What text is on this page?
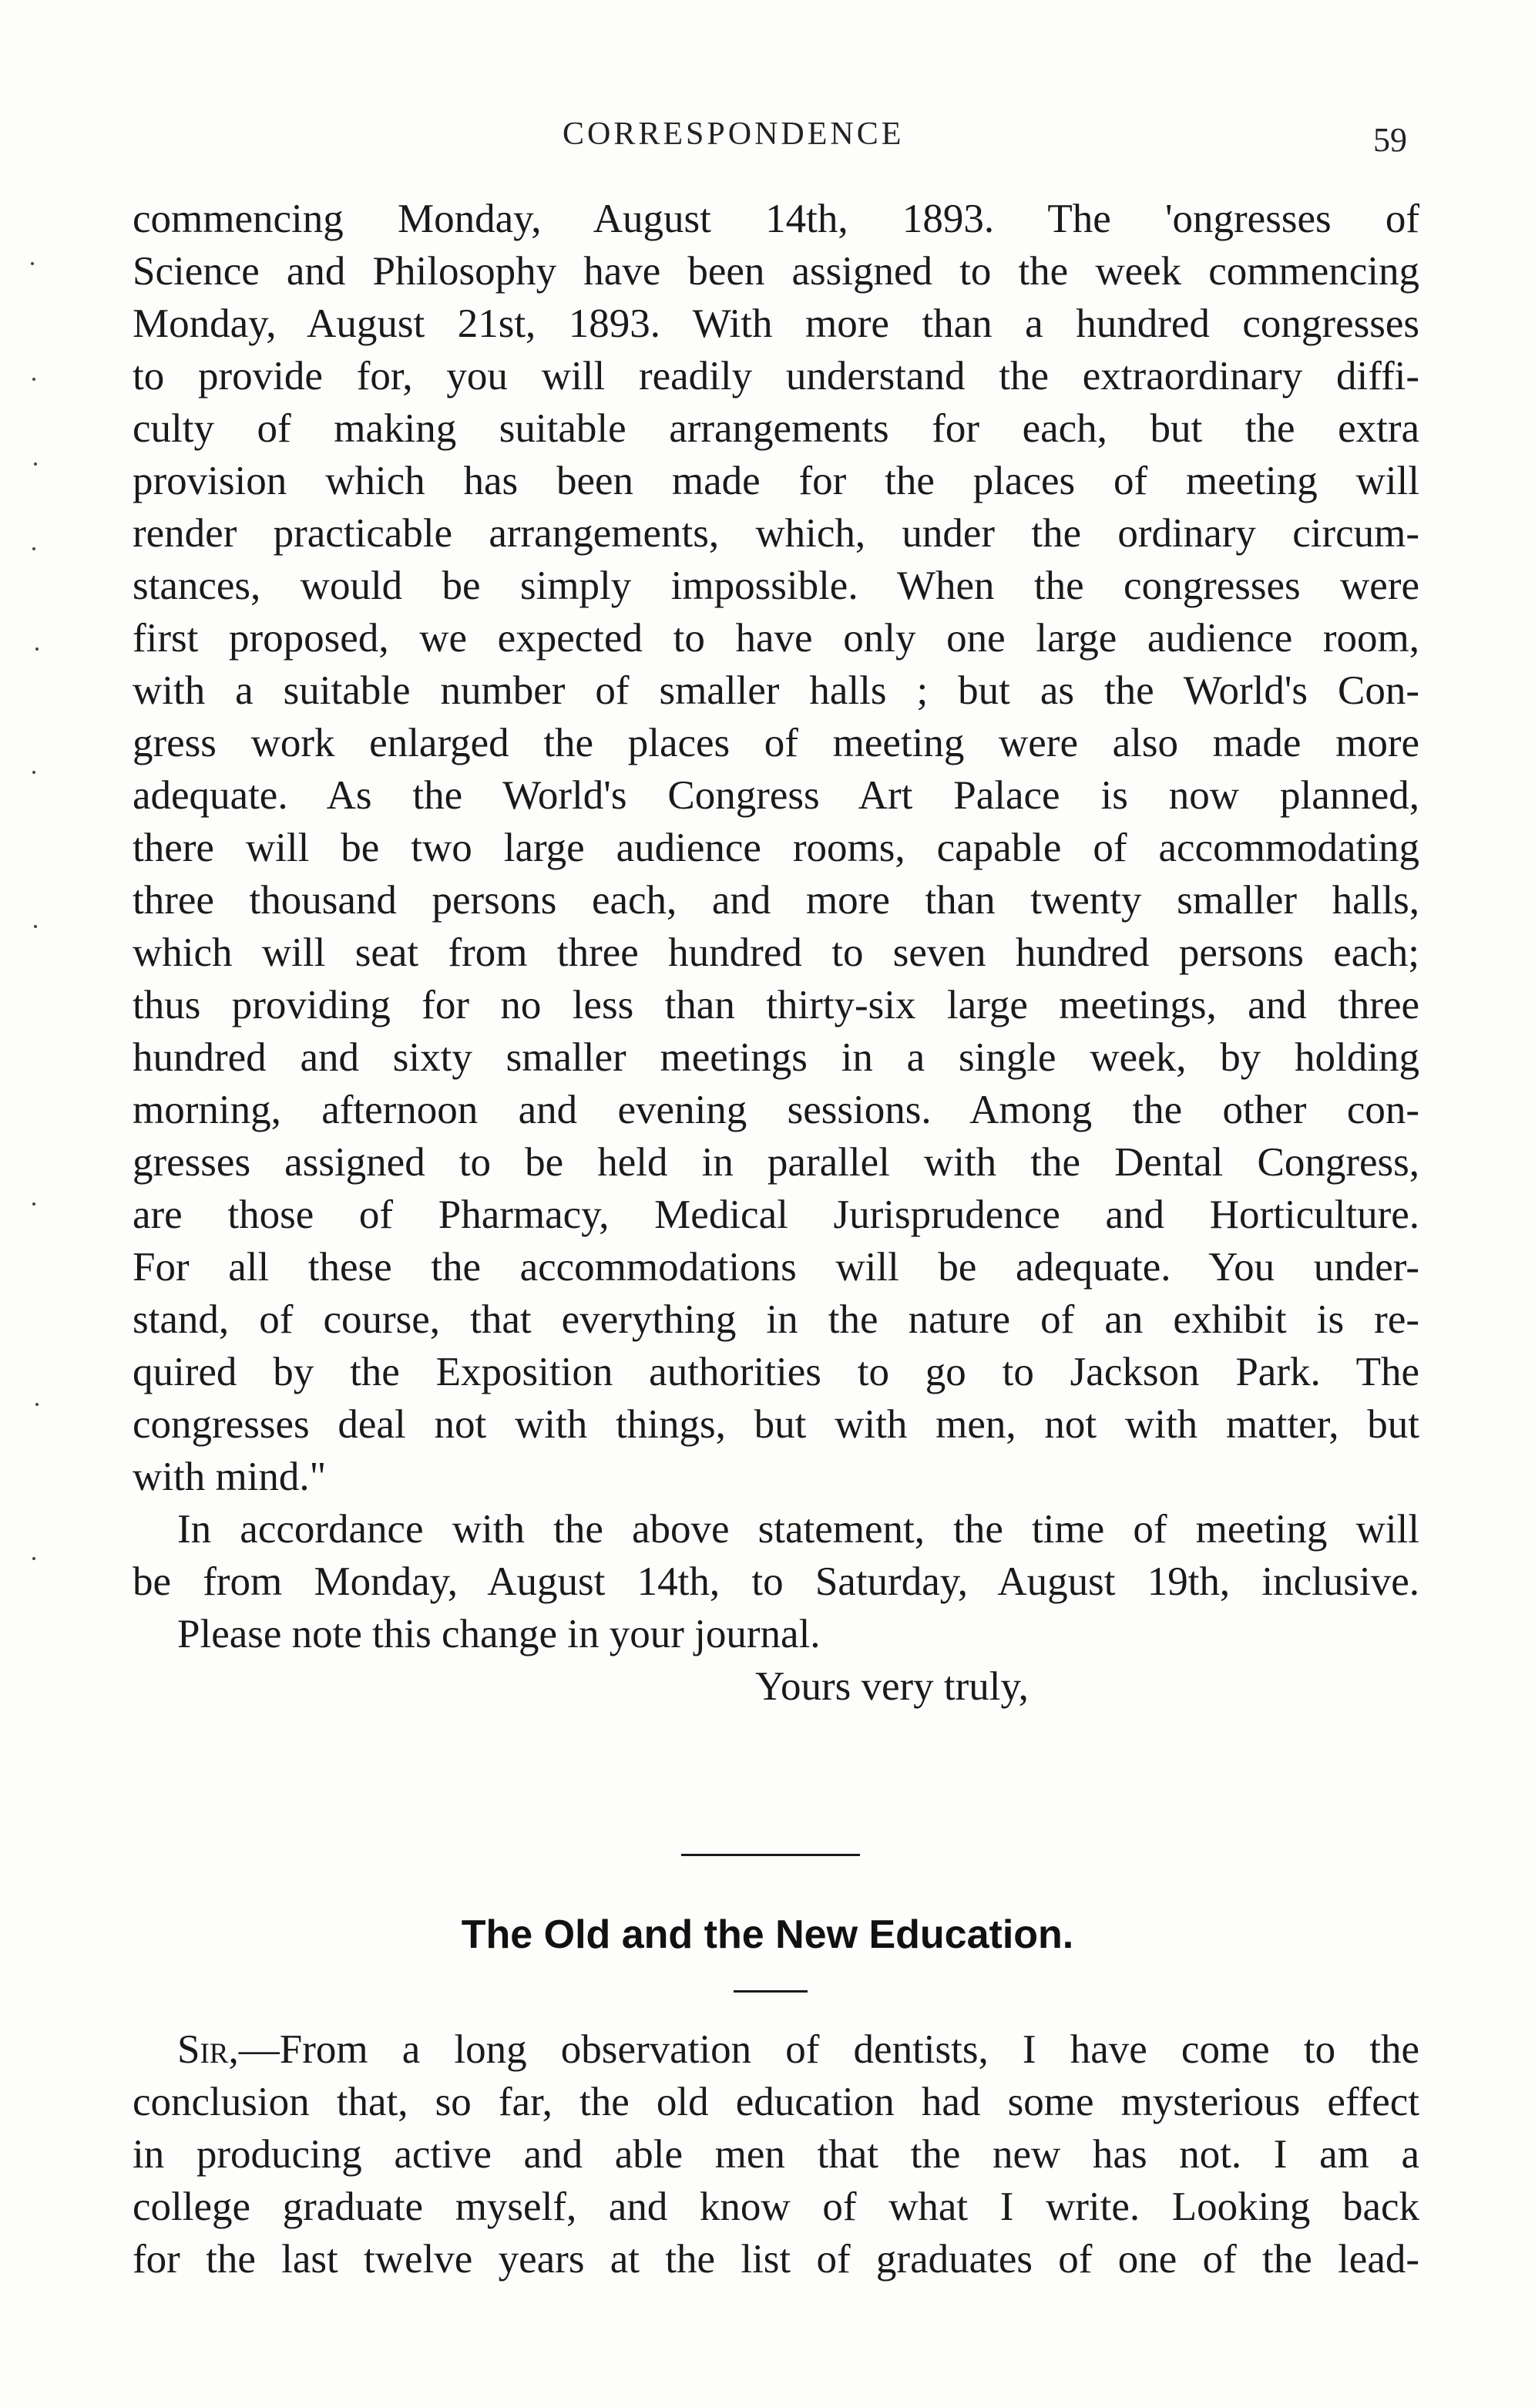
CORRESPONDENCE	59
commencing Monday, August 14th, 1893. The 'ongresses of
Science and Philosophy have been assigned to the week commencing
Monday, August 21st, 1893. With more than a hundred congresses
to provide for, you will readily understand the extraordinary diffi-
culty of making suitable arrangements for each, but the extra
provision which has been made for the places of meeting will
render practicable arrangements, which, under the ordinary circum-
stances, would be simply impossible. When the congresses were
first proposed, we expected to have only one large audience room,
with a suitable number of smaller halls ; but as the World's Con-
gress work enlarged the places of meeting were also made more
adequate. As the World's Congress Art Palace is now planned,
there will be two large audience rooms, capable of accommodating
three thousand persons each, and more than twenty smaller halls,
which will seat from three hundred to seven hundred persons each;
thus providing for no less than thirty-six large meetings, and three
hundred and sixty smaller meetings in a single week, by holding
morning, afternoon and evening sessions. Among the other con-
gresses assigned to be held in parallel with the Dental Congress,
are those of Pharmacy, Medical Jurisprudence and Horticulture.
For all these the accommodations will be adequate. You under-
stand, of course, that everything in the nature of an exhibit is re-
quired by the Exposition authorities to go to Jackson Park. The
congresses deal not with things, but with men, not with matter, but
with mind."
In accordance with the above statement, the time of meeting will
be from Monday, August 14th, to Saturday, August 19th, inclusive.
Please note this change in your journal.
Yours very truly,
The Old and the New Education.
Sir,—From a long observation of dentists, I have come to the
conclusion that, so far, the old education had some mysterious effect
in producing active and able men that the new has not. I am a
college graduate myself, and know of what I write. Looking back
for the last twelve years at the list of graduates of one of the lead-
